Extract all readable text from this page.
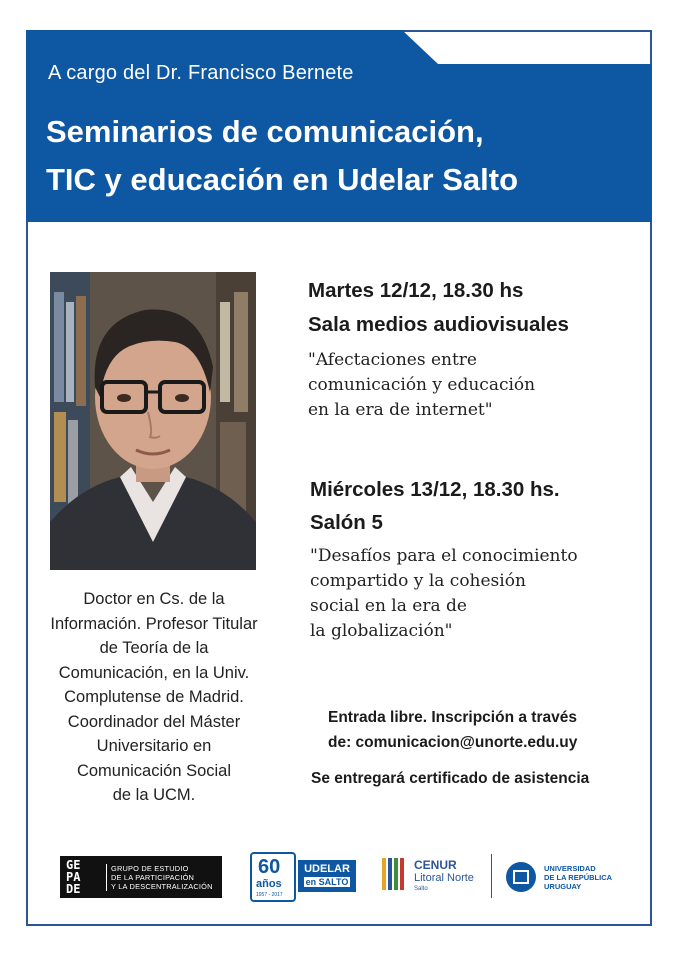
A cargo del Dr. Francisco Bernete
Seminarios de comunicación,
TIC y educación en Udelar Salto
Doctor en Cs. de la
Información. Profesor Titular
de Teoría de la
Comunicación, en la Univ.
Complutense de Madrid.
Coordinador del Máster
Universitario en
Comunicación Social
de la UCM.
Martes 12/12, 18.30 hs
Sala medios audiovisuales
"Afectaciones entre
comunicación y educación
en la era de internet"
Miércoles 13/12, 18.30 hs.
Salón 5
"Desafíos para el conocimiento
compartido y la cohesión
social en la era de
la globalización"
Entrada libre. Inscripción a través
de: comunicacion@unorte.edu.uy
Se entregará certificado de asistencia
GE
PA
DE
GRUPO DE ESTUDIO
DE LA PARTICIPACIÓN
Y LA DESCENTRALIZACIÓN
60
años
1957 - 2017
UDELAR
en SALTO
CENUR
Litoral Norte
Salto
UNIVERSIDAD
DE LA REPÚBLICA
URUGUAY
